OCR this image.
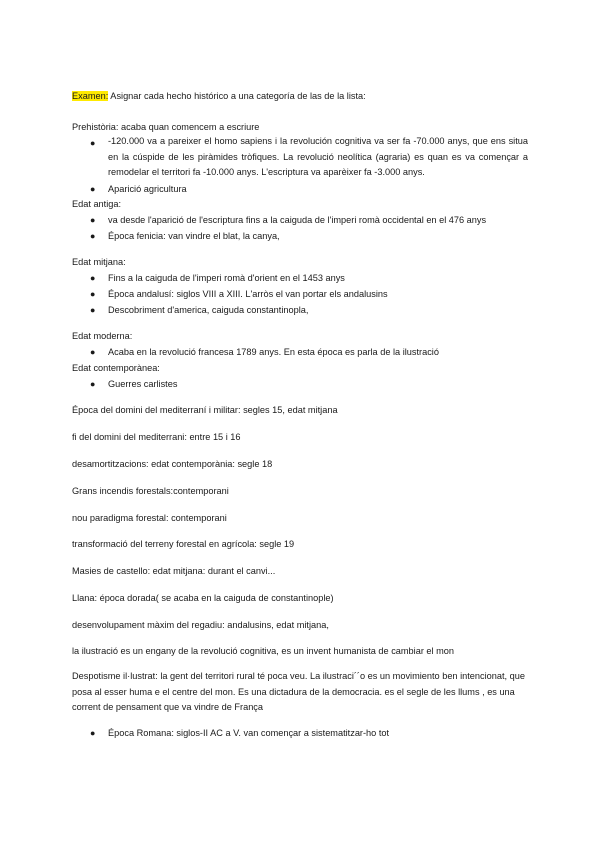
Examen: Asignar cada hecho histórico a una categoría de las de la lista:
Prehistòria: acaba quan comencem a escriure
● -120.000 va a pareixer el homo sapiens i la revolución cognitiva va ser fa -70.000 anys, que ens situa en la cúspide de les piràmides tròfiques. La revolució neolítica (agraria) es quan es va començar a remodelar el territori fa -10.000 anys. L'escriptura va aparèixer fa -3.000 anys.
● Aparició agricultura
Edat antiga:
● va desde l'aparició de l'escriptura fins a la caiguda de l'imperi romà occidental en el 476 anys
● Época fenicia: van vindre el blat, la canya,
Edat mitjana:
● Fins a la caiguda de l'imperi romà d'orient en el 1453 anys
● Época andalusí: siglos VIII a XIII. L'arròs el van portar els andalusins
● Descobriment d'america, caiguda constantinopla,
Edat moderna:
● Acaba en la revolució francesa 1789 anys. En esta época es parla de la ilustració
Edat contemporànea:
● Guerres carlistes
Época del domini del mediterraní i militar: segles 15, edat mitjana
fi del domini del mediterrani: entre 15 i 16
desamortitzacions: edat contemporània: segle 18
Grans incendis forestals:contemporani
nou paradigma forestal: contemporani
transformació del terreny forestal en agrícola: segle 19
Masies de castello: edat mitjana: durant el canvi...
Llana: época dorada( se acaba en la caiguda de constantinople)
desenvolupament màxim del regadiu: andalusins, edat mitjana,
la ilustració es un engany de la revolució cognitiva, es un invent humanista de cambiar el mon
Despotisme il·lustrat: la gent del territori rural té poca veu. La ilustraci´´o es un movimiento ben intencionat, que posa al esser huma e el centre del mon. Es una dictadura de la democracia. es el segle de les llums , es una corrent de pensament que va vindre de França
● Época Romana: siglos-II AC a V. van començar a sistematitzar-ho tot
